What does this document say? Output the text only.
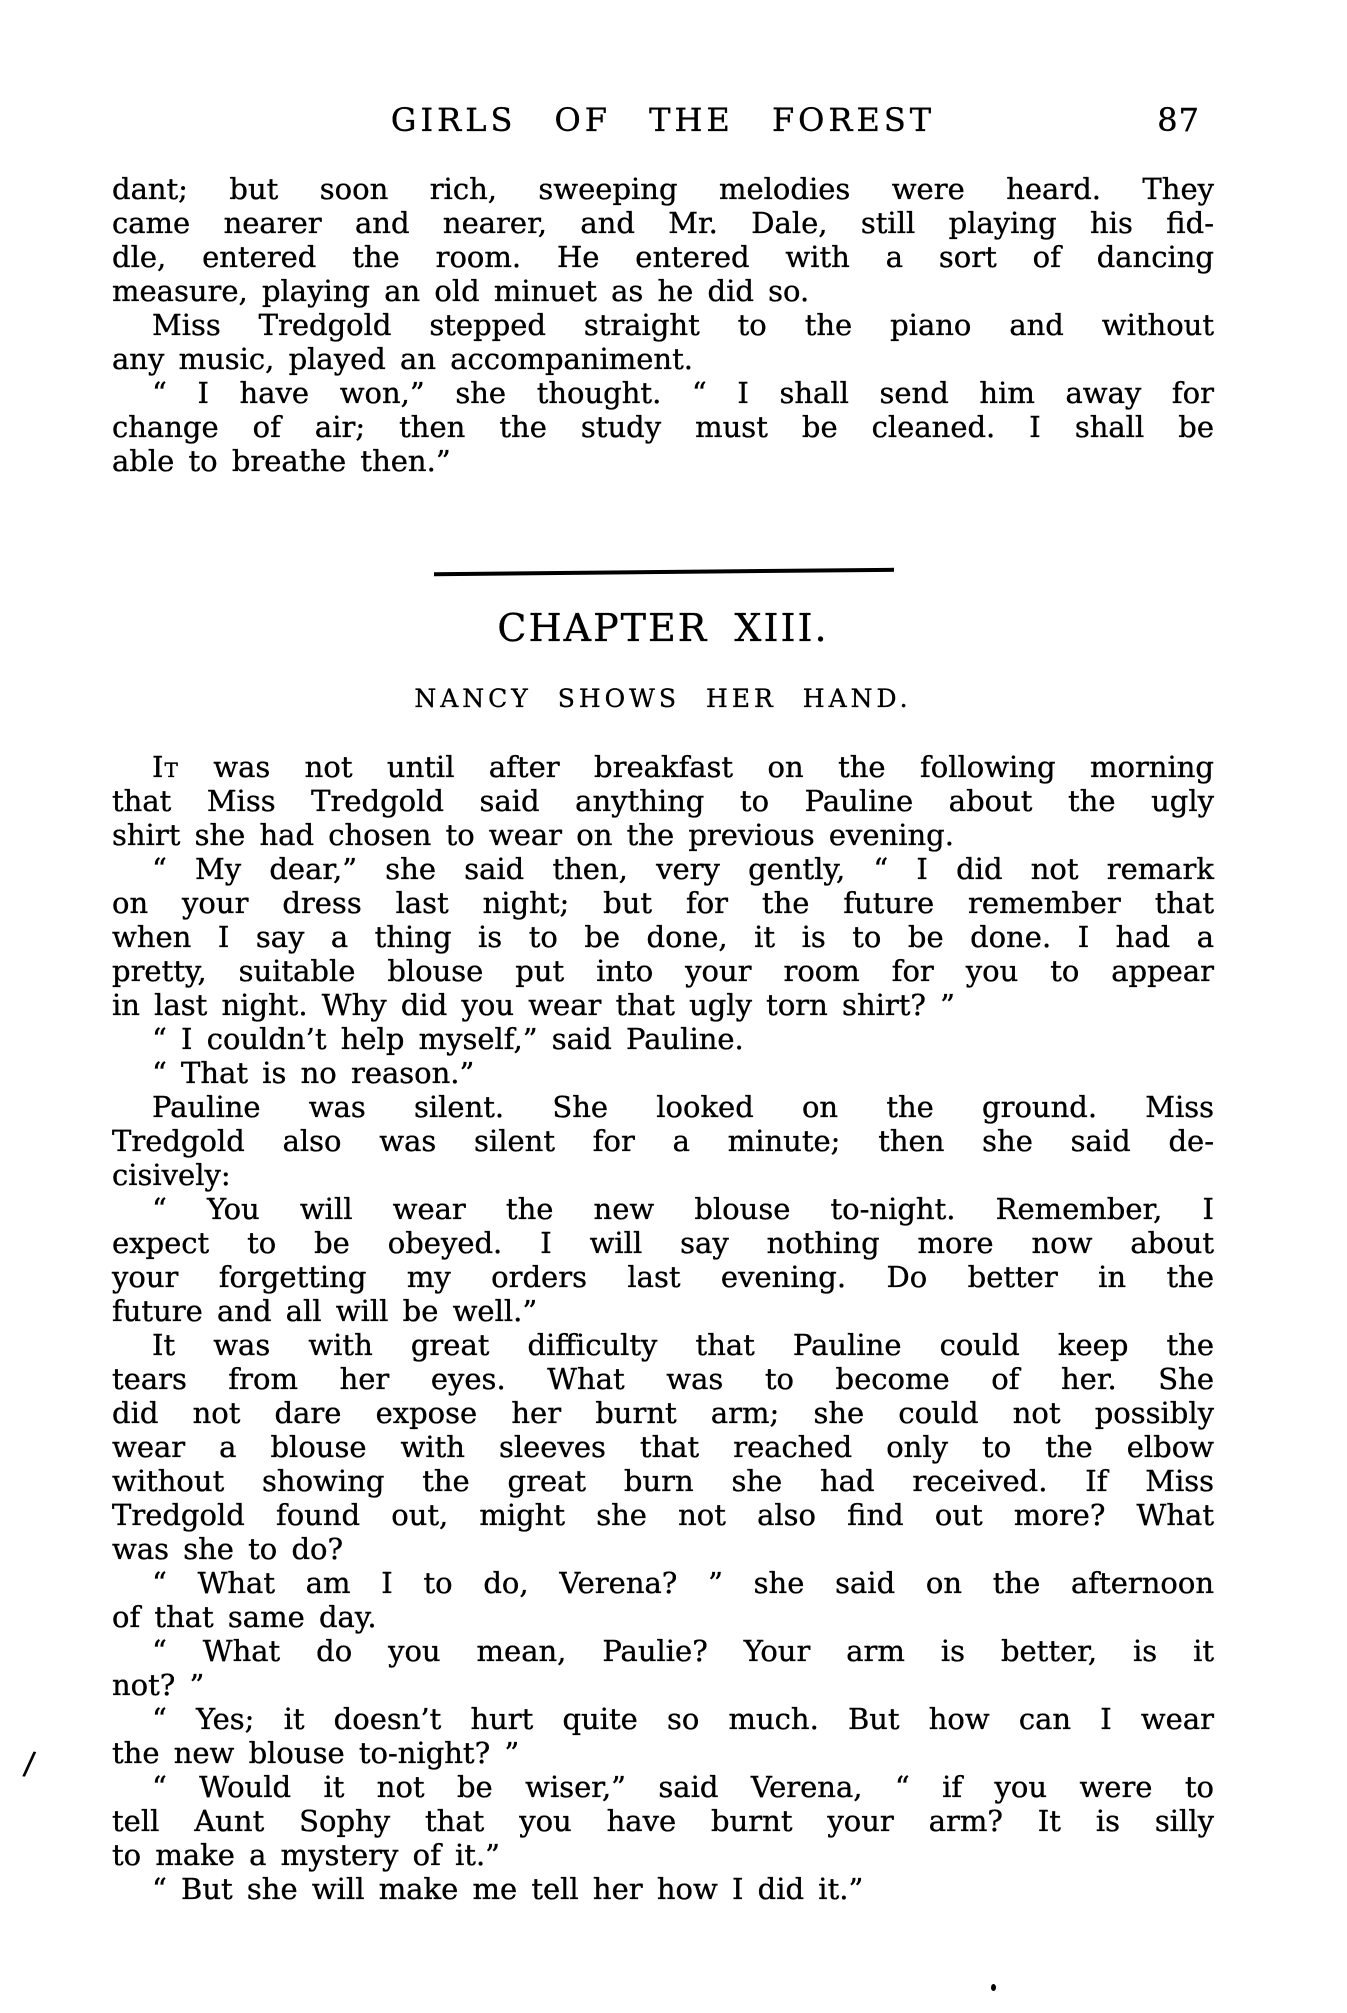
GIRLS OF THE FOREST	87
dant; but soon rich, sweeping melodies were heard. They
came nearer and nearer, and Mr. Dale, still playing his fid-
dle, entered the room. He entered with a sort of dancing
measure, playing an old minuet as he did so.
Miss Tredgold stepped straight to the piano and without
any music, played an accompaniment.
“ I have won,” she thought. “ I shall send him away for
change of air; then the study must be cleaned. I shall be
able to breathe then.”
CHAPTER XIII.
NANCY SHOWS HER HAND.
It was not until after breakfast on the following morning
that Miss Tredgold said anything to Pauline about the ugly
shirt she had chosen to wear on the previous evening.
“ My dear,” she said then, very gently, “ I did not remark
on your dress last night; but for the future remember that
when I say a thing is to be done, it is to be done. I had a
pretty, suitable blouse put into your room for you to appear
in last night. Why did you wear that ugly torn shirt? ”
“ I couldn’t help myself,” said Pauline.
“ That is no reason.”
Pauline was silent. She looked on the ground. Miss
Tredgold also was silent for a minute; then she said de-
cisively:
“ You will wear the new blouse to-night. Remember, I
expect to be obeyed. I will say nothing more now about
your forgetting my orders last evening. Do better in the
future and all will be well.”
It was with great difficulty that Pauline could keep the
tears from her eyes. What was to become of her. She
did not dare expose her burnt arm; she could not possibly
wear a blouse with sleeves that reached only to the elbow
without showing the great burn she had received. If Miss
Tredgold found out, might she not also find out more? What
was she to do?
“ What am I to do, Verena? ” she said on the afternoon
of that same day.
“ What do you mean, Paulie? Your arm is better, is it
not? ”
“ Yes; it doesn’t hurt quite so much. But how can I wear
the new blouse to-night? ”
“ Would it not be wiser,” said Verena, “ if you were to
tell Aunt Sophy that you have burnt your arm? It is silly
to make a mystery of it.”
“ But she will make me tell her how I did it.”
/
